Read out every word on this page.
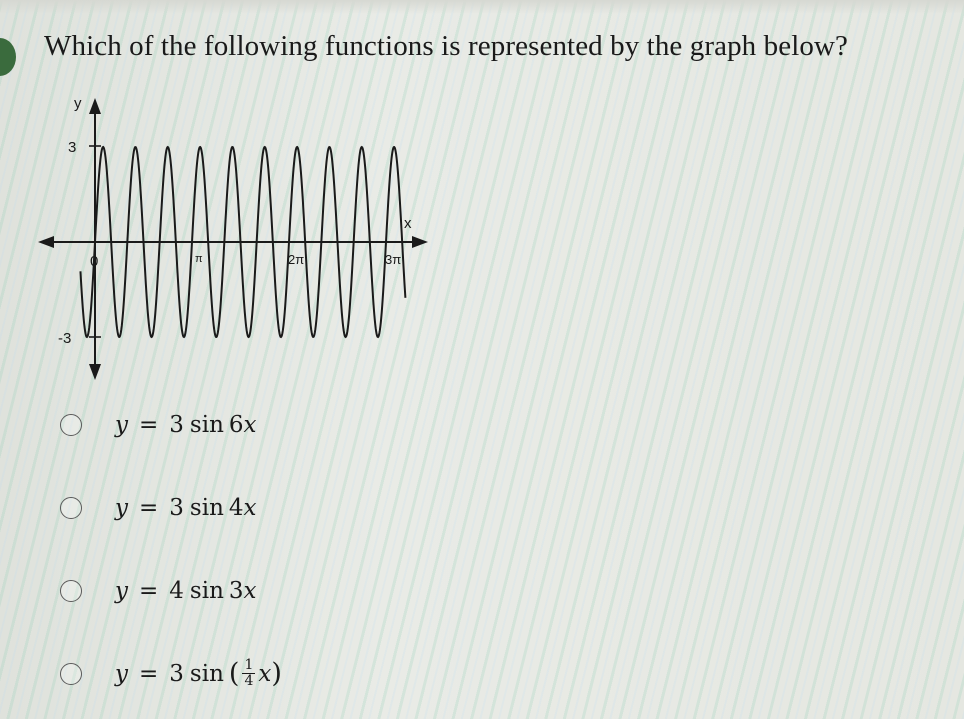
Which of the following functions is represented by the graph below?
y
x
3
-3
0	π	2π	3π
y = 3 sin 6 x
y = 3 sin 4 x
y = 4 sin 3 x
y = 3 sin ( $\frac{1}{4}$ x )
